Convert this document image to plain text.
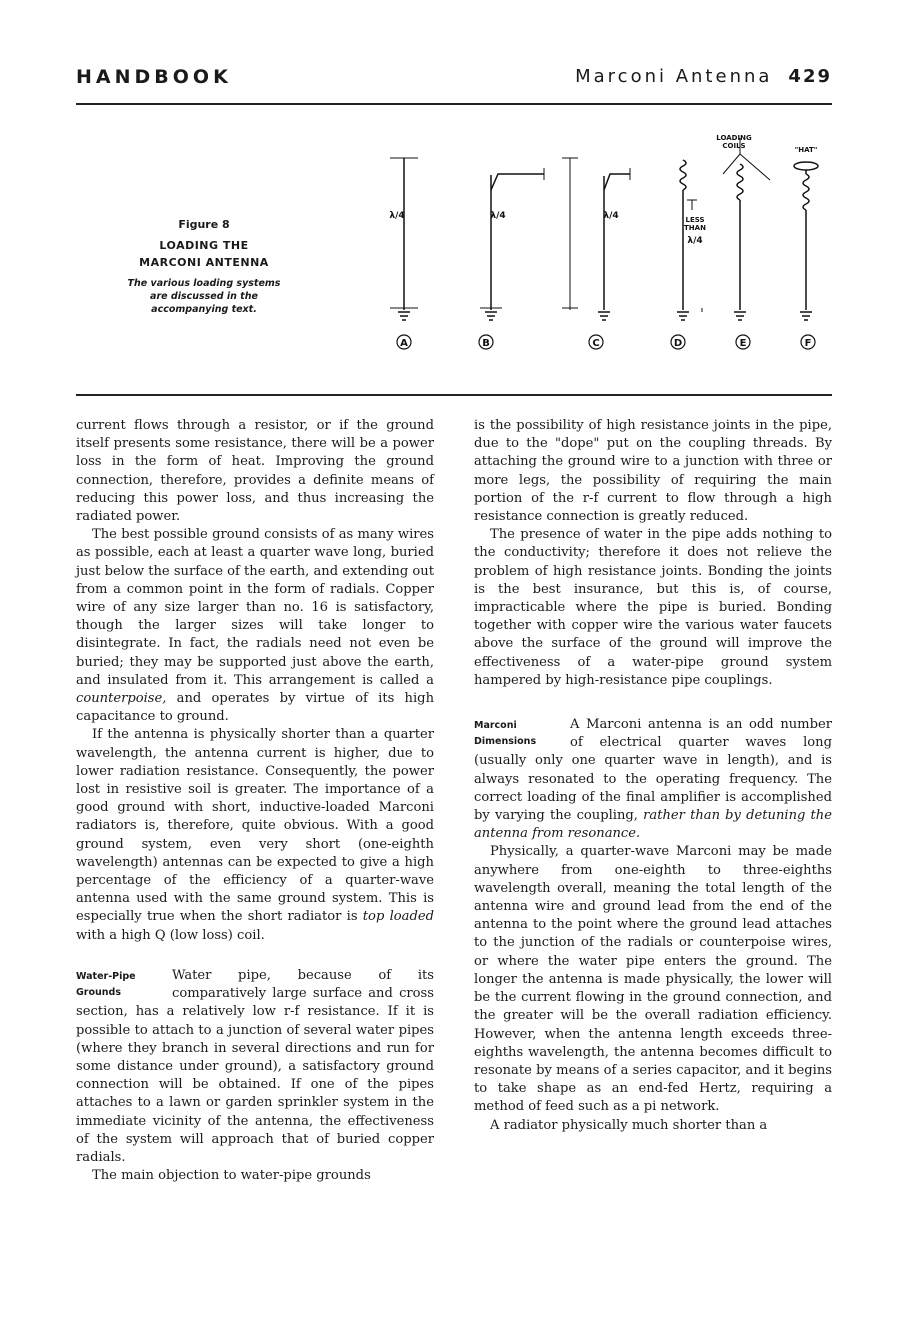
HANDBOOK	Marconi Antenna 429
Figure 8
LOADING THE
MARCONI ANTENNA
The various loading systems are discussed in the accompanying text.
λ/4	λ/4	λ/4	LESS
THAN
λ/4
LOADING
COILS	"HAT"
A	B	C	D	E	F

current flows through a resistor, or if the ground itself presents some resistance, there will be a power loss in the form of heat. Improving the ground connection, therefore, provides a definite means of reducing this power loss, and thus increasing the radiated power.

The best possible ground consists of as many wires as possible, each at least a quarter wave long, buried just below the surface of the earth, and extending out from a common point in the form of radials. Copper wire of any size larger than no. 16 is satisfactory, though the larger sizes will take longer to disintegrate. In fact, the radials need not even be buried; they may be supported just above the earth, and insulated from it. This arrangement is called a counterpoise, and operates by virtue of its high capacitance to ground.

If the antenna is physically shorter than a quarter wavelength, the antenna current is higher, due to lower radiation resistance. Consequently, the power lost in resistive soil is greater. The importance of a good ground with short, inductive-loaded Marconi radiators is, therefore, quite obvious. With a good ground system, even very short (one-eighth wavelength) antennas can be expected to give a high percentage of the efficiency of a quarter-wave antenna used with the same ground system. This is especially true when the short radiator is top loaded with a high Q (low loss) coil.

Water-Pipe
Grounds

Water pipe, because of its comparatively large surface and cross section, has a relatively low r-f resistance. If it is possible to attach to a junction of several water pipes (where they branch in several directions and run for some distance under ground), a satisfactory ground connection will be obtained. If one of the pipes attaches to a lawn or garden sprinkler system in the immediate vicinity of the antenna, the effectiveness of the system will approach that of buried copper radials.

The main objection to water-pipe grounds

is the possibility of high resistance joints in the pipe, due to the "dope" put on the coupling threads. By attaching the ground wire to a junction with three or more legs, the possibility of requiring the main portion of the r-f current to flow through a high resistance connection is greatly reduced.

The presence of water in the pipe adds nothing to the conductivity; therefore it does not relieve the problem of high resistance joints. Bonding the joints is the best insurance, but this is, of course, impracticable where the pipe is buried. Bonding together with copper wire the various water faucets above the surface of the ground will improve the effectiveness of a water-pipe ground system hampered by high-resistance pipe couplings.

Marconi
Dimensions

A Marconi antenna is an odd number of electrical quarter waves long (usually only one quarter wave in length), and is always resonated to the operating frequency. The correct loading of the final amplifier is accomplished by varying the coupling, rather than by detuning the antenna from resonance.

Physically, a quarter-wave Marconi may be made anywhere from one-eighth to three-eighths wavelength overall, meaning the total length of the antenna wire and ground lead from the end of the antenna to the point where the ground lead attaches to the junction of the radials or counterpoise wires, or where the water pipe enters the ground. The longer the antenna is made physically, the lower will be the current flowing in the ground connection, and the greater will be the overall radiation efficiency. However, when the antenna length exceeds three-eighths wavelength, the antenna becomes difficult to resonate by means of a series capacitor, and it begins to take shape as an end-fed Hertz, requiring a method of feed such as a pi network.

A radiator physically much shorter than a
